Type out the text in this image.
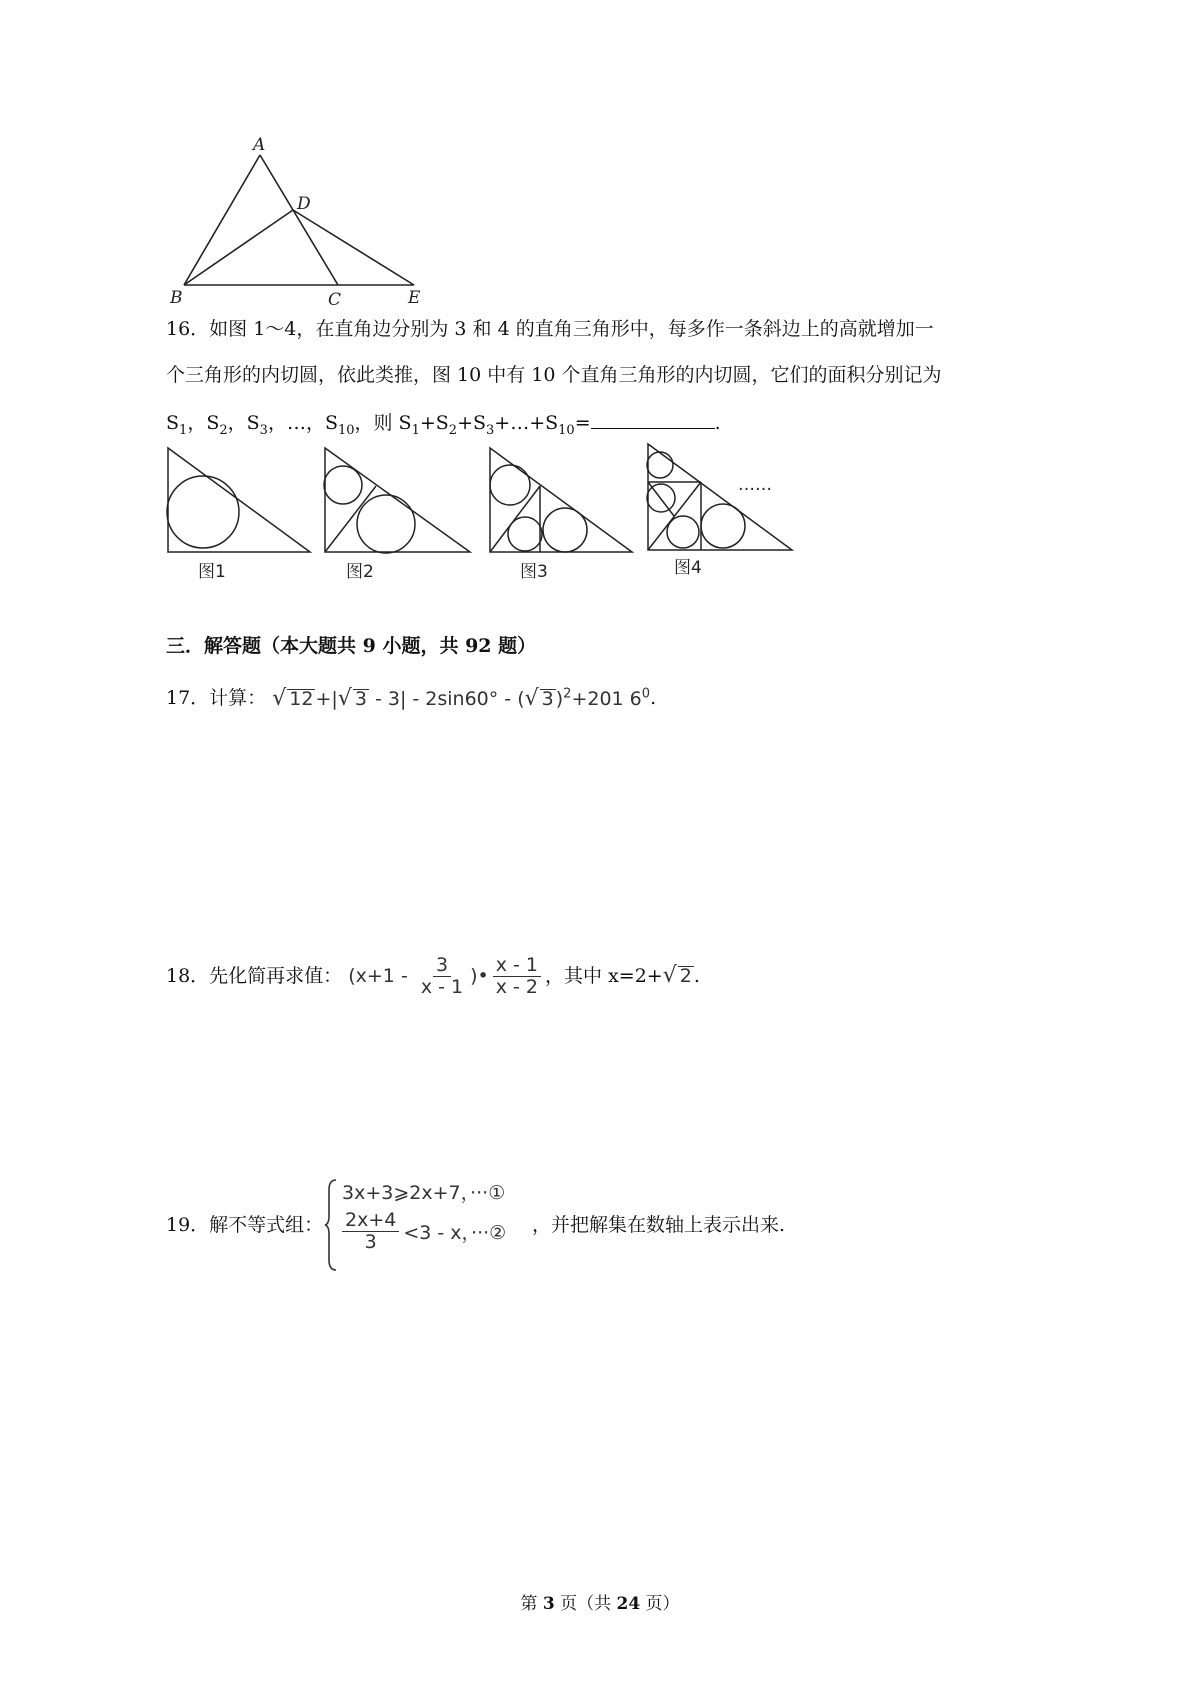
A
D
B	C	E
16．如图 1～4，在直角边分别为 3 和 4 的直角三角形中，每多作一条斜边上的高就增加一
个三角形的内切圆，依此类推，图 10 中有 10 个直角三角形的内切圆，它们的面积分别记为
$S_1$，$S_2$，$S_3$，…，$S_{10}$，则 $S_1+S_2+S_3+\dots+S_{10}=$	.
……
图1	图2	图3	图4
三．解答题（本大题共 9 小题，共 92 题）
17．计算： √ 12 +|√ 3 - 3| - 2sin60° - (√ 3 )$^2$+201 $6^0$.
18．先化简再求值： ($x+1 - \frac{3}{x - 1}$ )• $\frac{x - 1}{x - 2}$ ，其中 x=2+√ 2 .
19．解不等式组：
3x+3⩾2x+7，···①
$\frac{2x+4}{3} <3 - x$，···② ，并把解集在数轴上表示出来.
第 3 页（共 24 页）
